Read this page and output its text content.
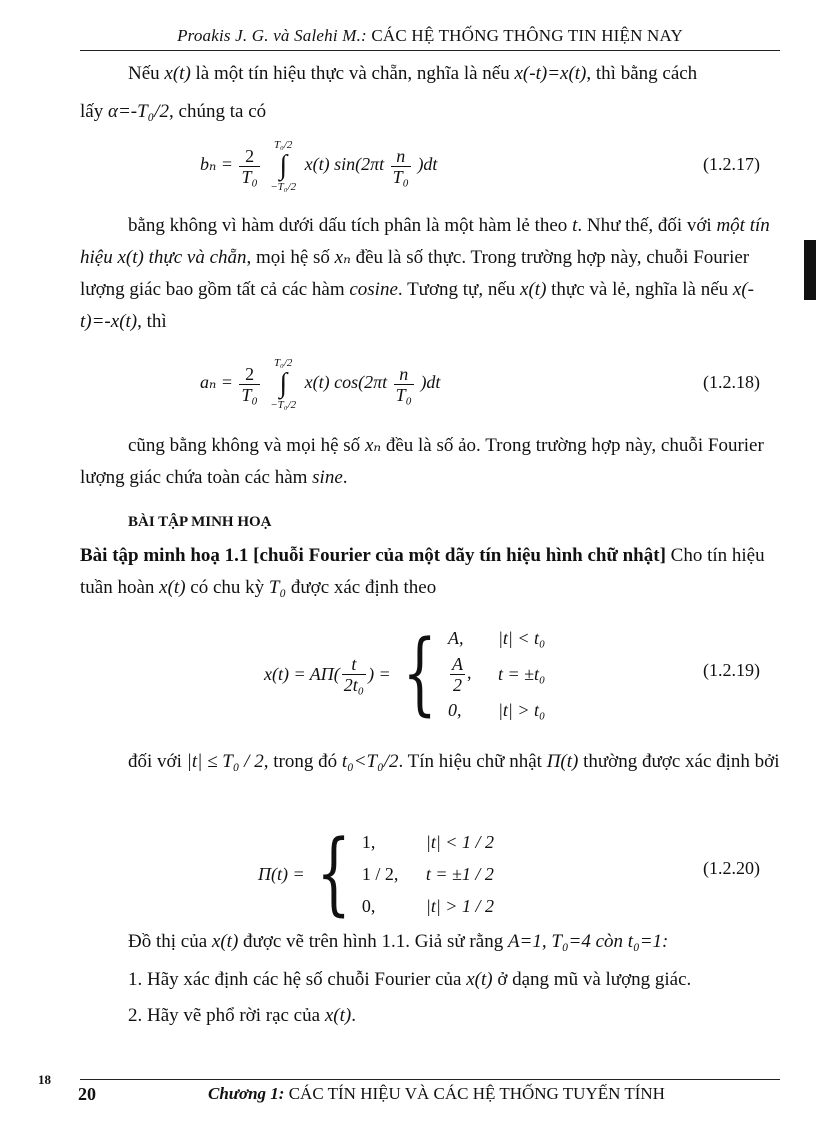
Proakis J. G. và Salehi M.: CÁC HỆ THỐNG THÔNG TIN HIỆN NAY
Nếu x(t) là một tín hiệu thực và chẵn, nghĩa là nếu x(-t)=x(t), thì bằng cách
lấy α=-T₀/2, chúng ta có
$b_n = \frac{2}{\text{T₀}}$

T₀/2
∫
−T₀/2
x(t) $\sin(2\pi t \frac{n}{\text{T₀}} )dt$	(1.2.17)
bằng không vì hàm dưới dấu tích phân là một hàm lẻ theo t. Như thế, đối với một tín hiệu x(t) thực và chẵn, mọi hệ số xₙ đều là số thực. Trong trường hợp này, chuỗi Fourier lượng giác bao gồm tất cả các hàm cosine. Tương tự, nếu x(t) thực và lẻ, nghĩa là nếu x(-t)=-x(t), thì
$a_n = \frac{2}{\text{T₀}}$

T₀/2
∫
−T₀/2
x(t) $\cos(2\pi t \frac{n}{\text{T₀}} )dt$	(1.2.18)
cũng bằng không và mọi hệ số xₙ đều là số ảo. Trong trường hợp này, chuỗi Fourier lượng giác chứa toàn các hàm sine.
BÀI TẬP MINH HOẠ
Bài tập minh hoạ 1.1 [chuỗi Fourier của một dãy tín hiệu hình chữ nhật] Cho tín hiệu tuần hoàn x(t) có chu kỳ T₀ được xác định theo
$x(t) = A\Pi( \frac{t}{\text{2t₀}}$ ) = { A, |t| < t₀
$\frac{A}{2}$ , t = ±t₀
0, |t| > t₀
(1.2.19)
đối với |t| ≤ T₀ / 2, trong đó t₀<T₀/2. Tín hiệu chữ nhật Π(t) thường được xác định bởi
Π(t) = { 1,	|t| < 1 / 2
1 / 2, t = ±1 / 2
0,	|t| > 1 / 2
(1.2.20)
Đồ thị của x(t) được vẽ trên hình 1.1. Giả sử rằng A=1, T₀=4 còn t₀=1:
1. Hãy xác định các hệ số chuỗi Fourier của x(t) ở dạng mũ và lượng giác.
2. Hãy vẽ phổ rời rạc của x(t).
18
20	Chương 1: CÁC TÍN HIỆU VÀ CÁC HỆ THỐNG TUYẾN TÍNH
